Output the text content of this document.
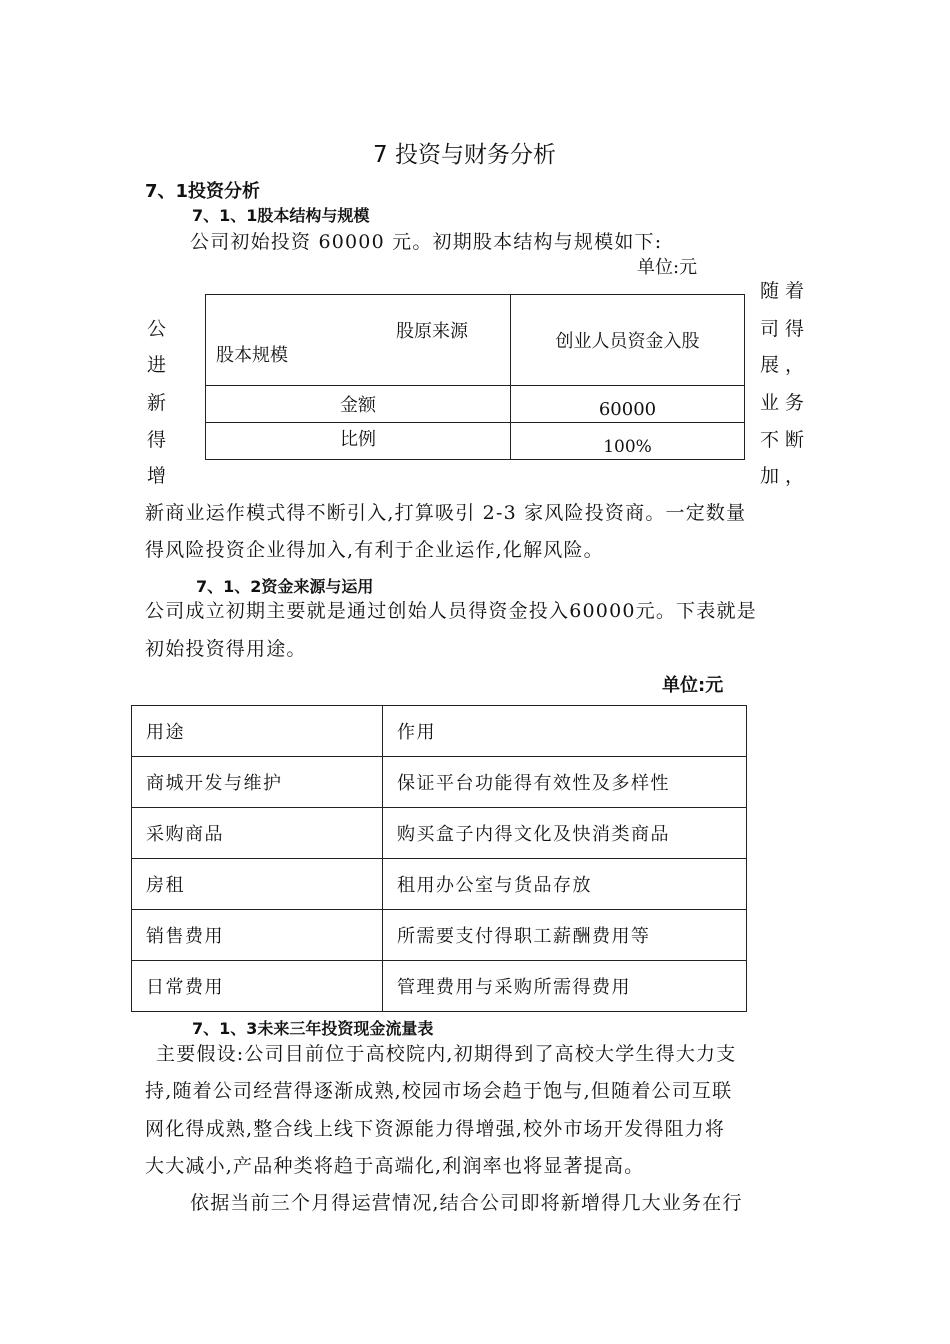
7 投资与财务分析
7、1投资分析
7、1、1股本结构与规模
公司初始投资 60000 元。初期股本结构与规模如下:
单位:元
公
进
新
得
增
随 着
司 得
展 ，
业 务
不 断
加 ，
股原来源
股本规模	创业人员资金入股
金额	60000
比例	100%
新商业运作模式得不断引入,打算吸引 2-3 家风险投资商。一定数量
得风险投资企业得加入,有利于企业运作,化解风险。
7、1、2资金来源与运用
公司成立初期主要就是通过创始人员得资金投入60000元。下表就是
初始投资得用途。
单位:元
用途	作用
商城开发与维护	保证平台功能得有效性及多样性
采购商品	购买盒子内得文化及快消类商品
房租	租用办公室与货品存放
销售费用	所需要支付得职工薪酬费用等
日常费用	管理费用与采购所需得费用
7、1、3未来三年投资现金流量表
主要假设:公司目前位于高校院内,初期得到了高校大学生得大力支
持,随着公司经营得逐渐成熟,校园市场会趋于饱与,但随着公司互联
网化得成熟,整合线上线下资源能力得增强,校外市场开发得阻力将
大大减小,产品种类将趋于高端化,利润率也将显著提高。
依据当前三个月得运营情况,结合公司即将新增得几大业务在行
